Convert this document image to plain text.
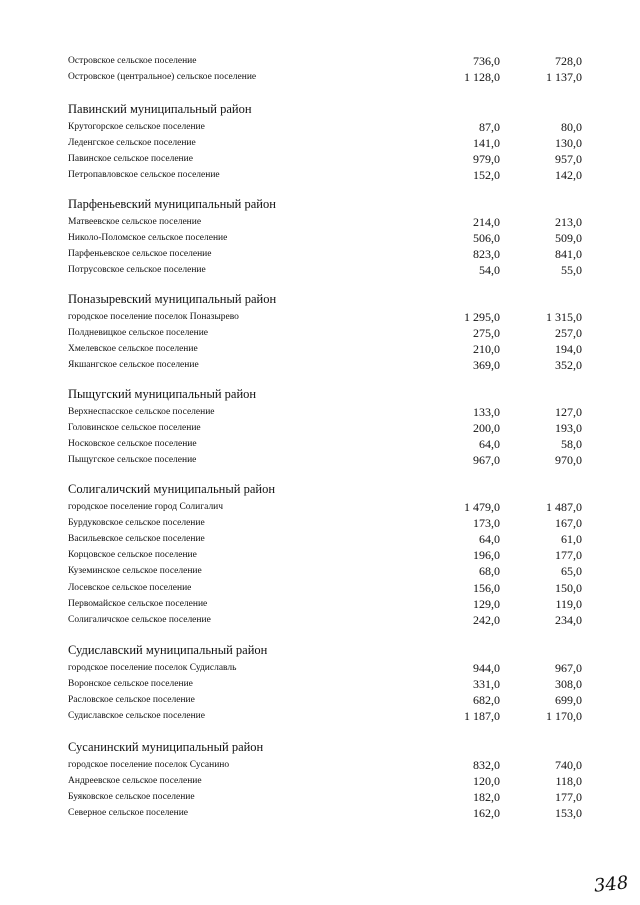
Островское сельское поселение	736,0	728,0
Островское (центральное) сельское поселение	1 128,0	1 137,0
Павинский муниципальный район
Крутогорское сельское поселение	87,0	80,0
Леденгское сельское поселение	141,0	130,0
Павинское сельское поселение	979,0	957,0
Петропавловское сельское поселение	152,0	142,0
Парфеньевский муниципальный район
Матвеевское сельское поселение	214,0	213,0
Николо-Поломское сельское поселение	506,0	509,0
Парфеньевское сельское поселение	823,0	841,0
Потрусовское сельское поселение	54,0	55,0
Поназыревский муниципальный район
городское поселение поселок Поназырево	1 295,0	1 315,0
Полдневицкое сельское поселение	275,0	257,0
Хмелевское сельское поселение	210,0	194,0
Якшангское сельское поселение	369,0	352,0
Пыщугский муниципальный район
Верхнеспасское сельское поселение	133,0	127,0
Головинское сельское поселение	200,0	193,0
Носковское сельское поселение	64,0	58,0
Пыщугское сельское поселение	967,0	970,0
Солигаличский муниципальный район
городское поселение город Солигалич	1 479,0	1 487,0
Бурдуковское сельское поселение	173,0	167,0
Васильевское сельское поселение	64,0	61,0
Корцовское сельское поселение	196,0	177,0
Куземинское сельское поселение	68,0	65,0
Лосевское сельское поселение	156,0	150,0
Первомайское сельское поселение	129,0	119,0
Солигаличское сельское поселение	242,0	234,0
Судиславский муниципальный район
городское поселение поселок Судиславль	944,0	967,0
Воронское сельское поселение	331,0	308,0
Расловское сельское поселение	682,0	699,0
Судиславское сельское поселение	1 187,0	1 170,0
Сусанинский муниципальный район
городское поселение поселок Сусанино	832,0	740,0
Андреевское сельское поселение	120,0	118,0
Буяковское сельское поселение	182,0	177,0
Северное сельское поселение	162,0	153,0
348
